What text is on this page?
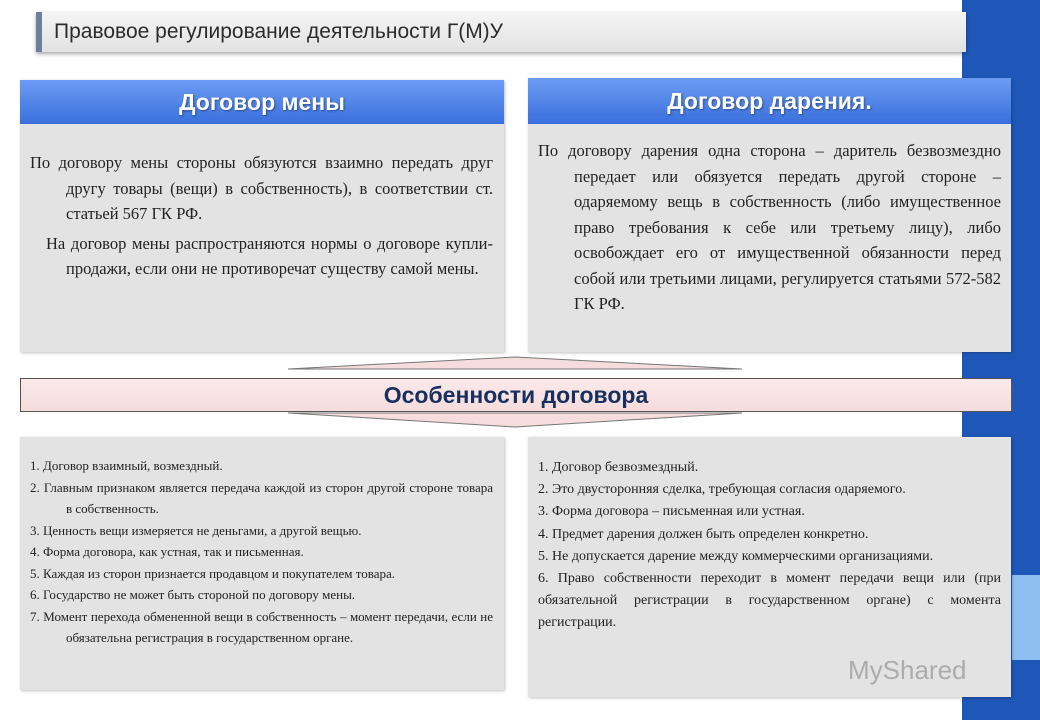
Правовое регулирование деятельности Г(М)У
Договор мены

По договору мены стороны обязуются взаимно передать друг другу товары (вещи) в собственность), в соответствии ст. статьей 567 ГК РФ.

На договор мены распространяются нормы о договоре купли-продажи, если они не противоречат существу самой мены.

Договор дарения.

По договору дарения одна сторона – даритель безвозмездно передает или обязуется передать другой стороне – одаряемому вещь в собственность (либо имущественное право требования к себе или третьему лицу), либо освобождает его от имущественной обязанности перед собой или третьими лицами, регулируется статьями 572-582 ГК РФ.

Особенности договора

1. Договор взаимный, возмездный.

2. Главным признаком является передача каждой из сторон другой стороне товара в собственность.

3. Ценность вещи измеряется не деньгами, а другой вещью.

4. Форма договора, как устная, так и письменная.

5. Каждая из сторон признается продавцом и покупателем товара.

6. Государство не может быть стороной по договору мены.

7. Момент перехода обмененной вещи в собственность – момент передачи, если не обязательна регистрация в государственном органе.

1. Договор безвозмездный.

2. Это двусторонняя сделка, требующая согласия одаряемого.

3. Форма договора – письменная или устная.

4. Предмет дарения должен быть определен конкретно.

5. Не допускается дарение между коммерческими организациями.

6. Право собственности переходит в момент передачи вещи или (при обязательной регистрации в государственном органе) с момента регистрации.

MyShared
